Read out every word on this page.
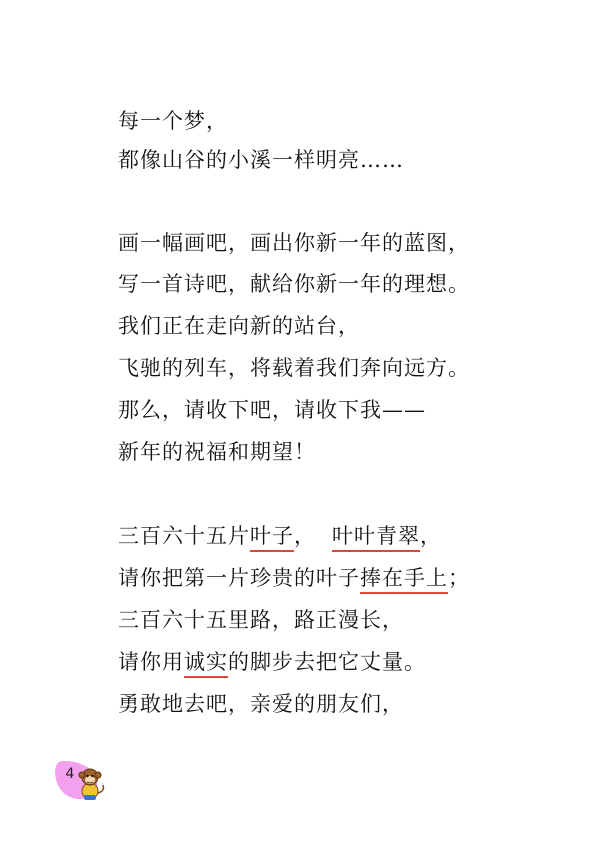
每一个梦，
都像山谷的小溪一样明亮……
画一幅画吧，画出你新一年的蓝图，
写一首诗吧，献给你新一年的理想。
我们正在走向新的站台，
飞驰的列车，将载着我们奔向远方。
那么，请收下吧，请收下我——
新年的祝福和期望！
三百六十五片叶子， 叶叶青翠，
请你把第一片珍贵的叶子捧在手上；
三百六十五里路，路正漫长，
请你用诚实的脚步去把它丈量。
勇敢地去吧，亲爱的朋友们，
4
